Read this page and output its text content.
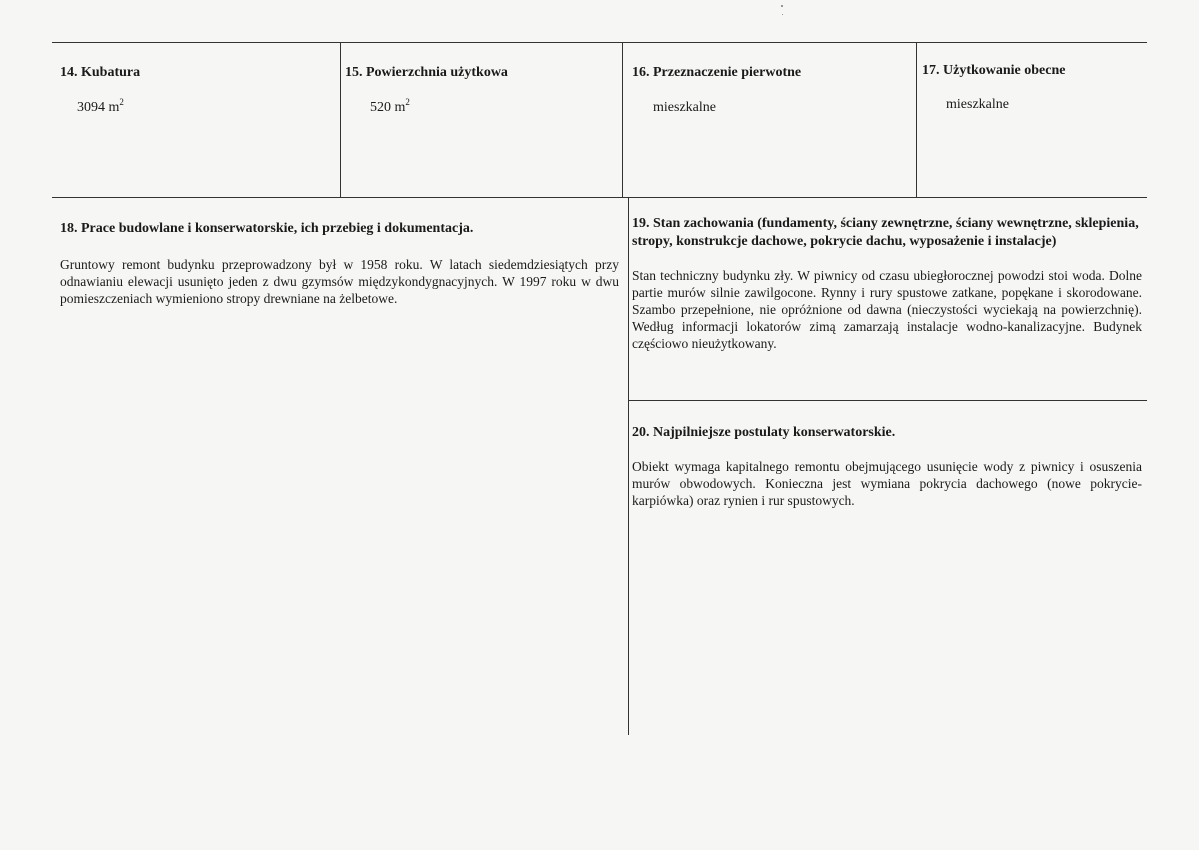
14. Kubatura
3094 $m^2$
15. Powierzchnia użytkowa
520 $m^2$
16. Przeznaczenie pierwotne
mieszkalne
17. Użytkowanie obecne
mieszkalne
18. Prace budowlane i konserwatorskie, ich przebieg i dokumentacja.
Gruntowy remont budynku przeprowadzony był w 1958 roku. W latach siedemdziesiątych przy odnawianiu elewacji usunięto jeden z dwu gzymsów międzykondygnacyjnych. W 1997 roku w dwu pomieszczeniach wymieniono stropy drewniane na żelbetowe.
19. Stan zachowania (fundamenty, ściany zewnętrzne, ściany wewnętrzne, sklepienia, stropy, konstrukcje dachowe, pokrycie dachu, wyposażenie i instalacje)
Stan techniczny budynku zły. W piwnicy od czasu ubiegłorocznej powodzi stoi woda. Dolne partie murów silnie zawilgocone. Rynny i rury spustowe zatkane, popękane i skorodowane. Szambo przepełnione, nie opróżnione od dawna (nieczystości wyciekają na powierzchnię). Według informacji lokatorów zimą zamarzają instalacje wodno-kanalizacyjne. Budynek częściowo nieużytkowany.
20. Najpilniejsze postulaty konserwatorskie.
Obiekt wymaga kapitalnego remontu obejmującego usunięcie wody z piwnicy i osuszenia murów obwodowych. Konieczna jest wymiana pokrycia dachowego (nowe pokrycie- karpiówka) oraz rynien i rur spustowych.
